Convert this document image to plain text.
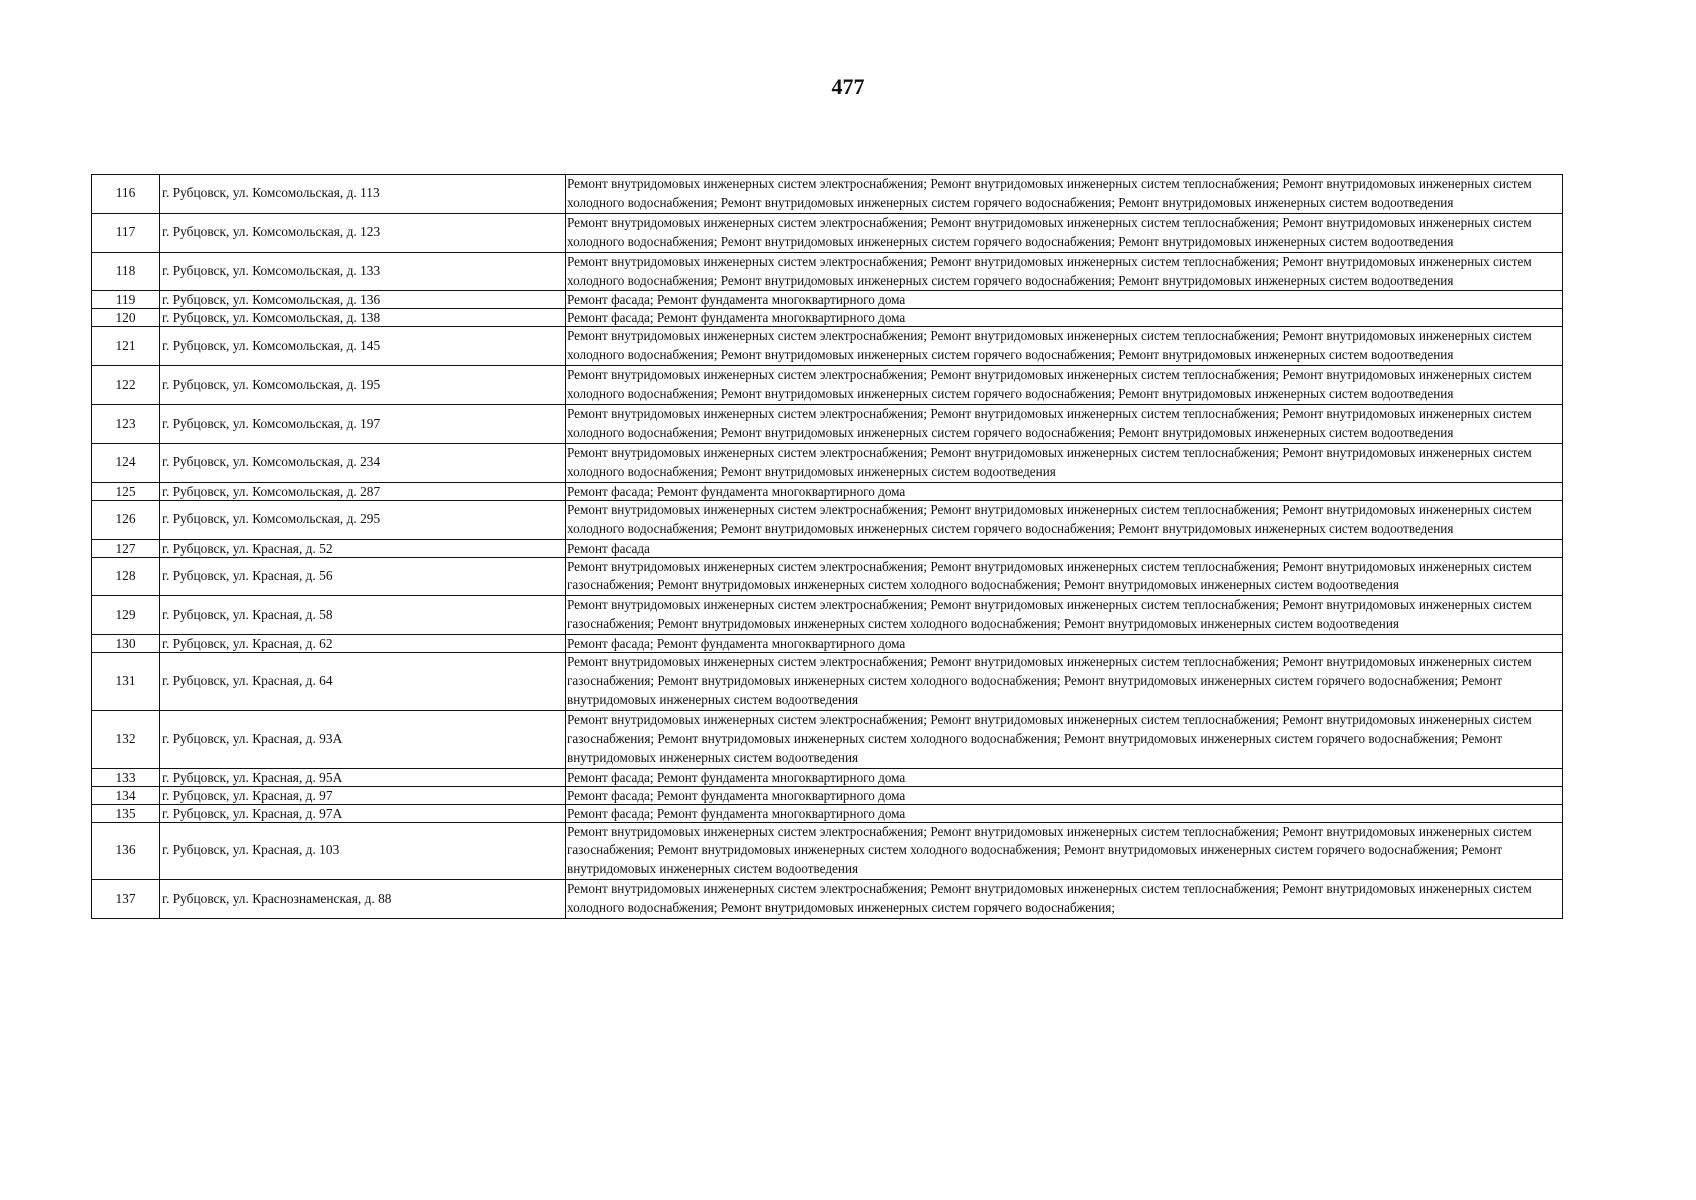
477
116	г. Рубцовск, ул. Комсомольская, д. 113	Ремонт внутридомовых инженерных систем электроснабжения; Ремонт внутридомовых инженерных систем теплоснабжения; Ремонт внутридомовых инженерных систем холодного водоснабжения; Ремонт внутридомовых инженерных систем горячего водоснабжения; Ремонт внутридомовых инженерных систем водоотведения
117	г. Рубцовск, ул. Комсомольская, д. 123	Ремонт внутридомовых инженерных систем электроснабжения; Ремонт внутридомовых инженерных систем теплоснабжения; Ремонт внутридомовых инженерных систем холодного водоснабжения; Ремонт внутридомовых инженерных систем горячего водоснабжения; Ремонт внутридомовых инженерных систем водоотведения
118	г. Рубцовск, ул. Комсомольская, д. 133	Ремонт внутридомовых инженерных систем электроснабжения; Ремонт внутридомовых инженерных систем теплоснабжения; Ремонт внутридомовых инженерных систем холодного водоснабжения; Ремонт внутридомовых инженерных систем горячего водоснабжения; Ремонт внутридомовых инженерных систем водоотведения
119	г. Рубцовск, ул. Комсомольская, д. 136	Ремонт фасада; Ремонт фундамента многоквартирного дома
120	г. Рубцовск, ул. Комсомольская, д. 138	Ремонт фасада; Ремонт фундамента многоквартирного дома
121	г. Рубцовск, ул. Комсомольская, д. 145	Ремонт внутридомовых инженерных систем электроснабжения; Ремонт внутридомовых инженерных систем теплоснабжения; Ремонт внутридомовых инженерных систем холодного водоснабжения; Ремонт внутридомовых инженерных систем горячего водоснабжения; Ремонт внутридомовых инженерных систем водоотведения
122	г. Рубцовск, ул. Комсомольская, д. 195	Ремонт внутридомовых инженерных систем электроснабжения; Ремонт внутридомовых инженерных систем теплоснабжения; Ремонт внутридомовых инженерных систем холодного водоснабжения; Ремонт внутридомовых инженерных систем горячего водоснабжения; Ремонт внутридомовых инженерных систем водоотведения
123	г. Рубцовск, ул. Комсомольская, д. 197	Ремонт внутридомовых инженерных систем электроснабжения; Ремонт внутридомовых инженерных систем теплоснабжения; Ремонт внутридомовых инженерных систем холодного водоснабжения; Ремонт внутридомовых инженерных систем горячего водоснабжения; Ремонт внутридомовых инженерных систем водоотведения
124	г. Рубцовск, ул. Комсомольская, д. 234	Ремонт внутридомовых инженерных систем электроснабжения; Ремонт внутридомовых инженерных систем теплоснабжения; Ремонт внутридомовых инженерных систем холодного водоснабжения; Ремонт внутридомовых инженерных систем водоотведения
125	г. Рубцовск, ул. Комсомольская, д. 287	Ремонт фасада; Ремонт фундамента многоквартирного дома
126	г. Рубцовск, ул. Комсомольская, д. 295	Ремонт внутридомовых инженерных систем электроснабжения; Ремонт внутридомовых инженерных систем теплоснабжения; Ремонт внутридомовых инженерных систем холодного водоснабжения; Ремонт внутридомовых инженерных систем горячего водоснабжения; Ремонт внутридомовых инженерных систем водоотведения
127	г. Рубцовск, ул. Красная, д. 52	Ремонт фасада
128	г. Рубцовск, ул. Красная, д. 56	Ремонт внутридомовых инженерных систем электроснабжения; Ремонт внутридомовых инженерных систем теплоснабжения; Ремонт внутридомовых инженерных систем газоснабжения; Ремонт внутридомовых инженерных систем холодного водоснабжения; Ремонт внутридомовых инженерных систем водоотведения
129	г. Рубцовск, ул. Красная, д. 58	Ремонт внутридомовых инженерных систем электроснабжения; Ремонт внутридомовых инженерных систем теплоснабжения; Ремонт внутридомовых инженерных систем газоснабжения; Ремонт внутридомовых инженерных систем холодного водоснабжения; Ремонт внутридомовых инженерных систем водоотведения
130	г. Рубцовск, ул. Красная, д. 62	Ремонт фасада; Ремонт фундамента многоквартирного дома
131	г. Рубцовск, ул. Красная, д. 64	Ремонт внутридомовых инженерных систем электроснабжения; Ремонт внутридомовых инженерных систем теплоснабжения; Ремонт внутридомовых инженерных систем газоснабжения; Ремонт внутридомовых инженерных систем холодного водоснабжения; Ремонт внутридомовых инженерных систем горячего водоснабжения; Ремонт внутридомовых инженерных систем водоотведения
132	г. Рубцовск, ул. Красная, д. 93А	Ремонт внутридомовых инженерных систем электроснабжения; Ремонт внутридомовых инженерных систем теплоснабжения; Ремонт внутридомовых инженерных систем газоснабжения; Ремонт внутридомовых инженерных систем холодного водоснабжения; Ремонт внутридомовых инженерных систем горячего водоснабжения; Ремонт внутридомовых инженерных систем водоотведения
133	г. Рубцовск, ул. Красная, д. 95А	Ремонт фасада; Ремонт фундамента многоквартирного дома
134	г. Рубцовск, ул. Красная, д. 97	Ремонт фасада; Ремонт фундамента многоквартирного дома
135	г. Рубцовск, ул. Красная, д. 97А	Ремонт фасада; Ремонт фундамента многоквартирного дома
136	г. Рубцовск, ул. Красная, д. 103	Ремонт внутридомовых инженерных систем электроснабжения; Ремонт внутридомовых инженерных систем теплоснабжения; Ремонт внутридомовых инженерных систем газоснабжения; Ремонт внутридомовых инженерных систем холодного водоснабжения; Ремонт внутридомовых инженерных систем горячего водоснабжения; Ремонт внутридомовых инженерных систем водоотведения
137	г. Рубцовск, ул. Краснознаменская, д. 88	Ремонт внутридомовых инженерных систем электроснабжения; Ремонт внутридомовых инженерных систем теплоснабжения; Ремонт внутридомовых инженерных систем холодного водоснабжения; Ремонт внутридомовых инженерных систем горячего водоснабжения;
